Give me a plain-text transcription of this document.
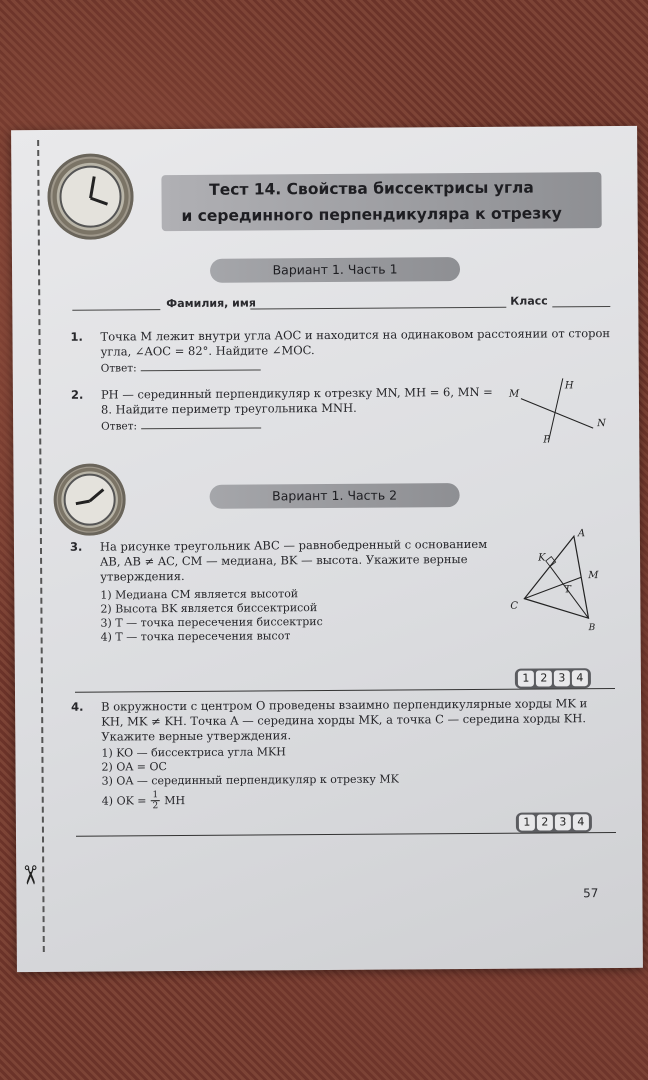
✂
Тест 14. Свойства биссектрисы угла
и серединного перпендикуляра к отрезку
Вариант 1. Часть 1
Фамилия, имя	Класс
1. Точка M лежит внутри угла AOC и находится на одинаковом расстоянии от сторон угла, ∠AOC = 82°. Найдите ∠MOC.
Ответ:
2. PH — серединный перпендикуляр к отрезку MN, MH = 6, MN = 8. Найдите периметр треугольника MNH.
Ответ:
M
H
N
P
Вариант 1. Часть 2
3. На рисунке треугольник ABC — равнобедренный с основанием AB, AB ≠ AC, CM — медиана, BK — высота. Укажите верные утверждения.
1) Медиана CM является высотой
2) Высота BK является биссектрисой
3) T — точка пересечения биссектрис
4) T — точка пересечения высот
A
K
M
T
C
B
1 2 3 4
4. В окружности с центром O проведены взаимно перпендикулярные хорды MK и KH, MK ≠ KH. Точка A — середина хорды MK, а точка C — середина хорды KH. Укажите верные утверждения.
1) KO — биссектриса угла MKH
2) OA = OC
3) OA — серединный перпендикуляр к отрезку MK
4) OK = $\frac{1}{2}$ MH
1 2 3 4
57
